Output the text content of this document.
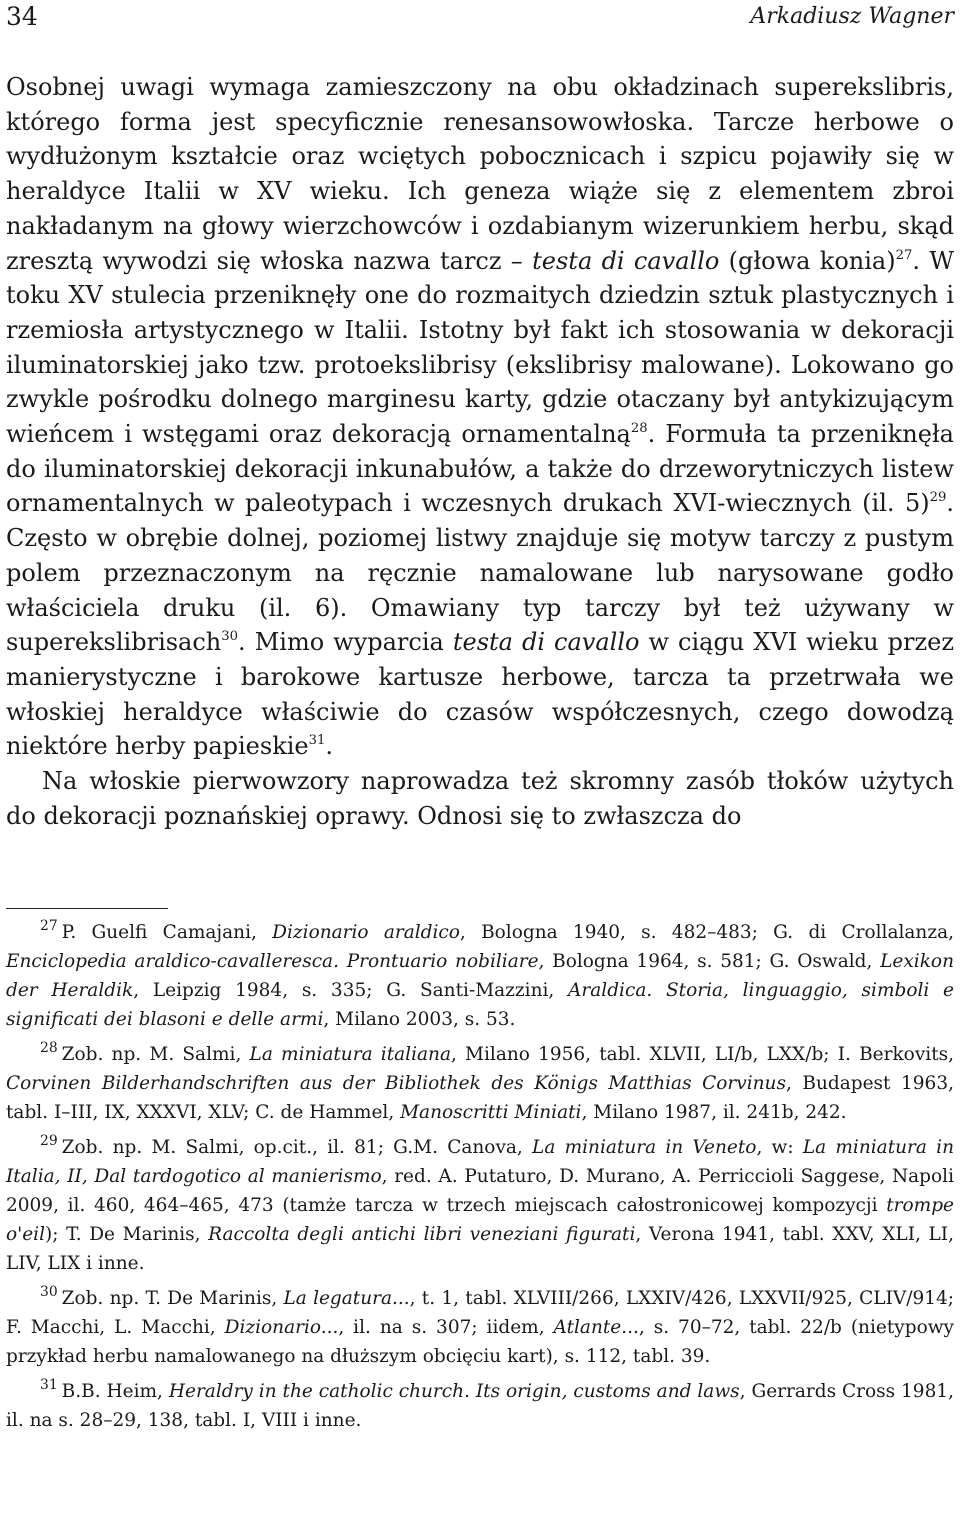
34	Arkadiusz Wagner

Osobnej uwagi wymaga zamieszczony na obu okładzinach superekslibris, którego forma jest specyficznie renesansowowłoska. Tarcze herbowe o wydłużonym kształcie oraz wciętych pobocznicach i szpicu pojawiły się w heraldyce Italii w XV wieku. Ich geneza wiąże się z elementem zbroi nakładanym na głowy wierzchowców i ozdabianym wizerunkiem herbu, skąd zresztą wywodzi się włoska nazwa tarcz – testa di cavallo (głowa konia)$^{27}$. W toku XV stulecia przeniknęły one do rozmaitych dziedzin sztuk plastycznych i rzemiosła artystycznego w Italii. Istotny był fakt ich stosowania w dekoracji iluminatorskiej jako tzw. protoekslibrisy (ekslibrisy malowane). Lokowano go zwykle pośrodku dolnego marginesu karty, gdzie otaczany był antykizującym wieńcem i wstęgami oraz dekoracją ornamentalną$^{28}$. Formuła ta przeniknęła do iluminatorskiej dekoracji inkunabułów, a także do drzeworytniczych listew ornamentalnych w paleotypach i wczesnych drukach XVI-wiecznych (il. 5)$^{29}$. Często w obrębie dolnej, poziomej listwy znajduje się motyw tarczy z pustym polem przeznaczonym na ręcznie namalowane lub narysowane godło właściciela druku (il. 6). Omawiany typ tarczy był też używany w superekslibrisach$^{30}$. Mimo wyparcia testa di cavallo w ciągu XVI wieku przez manierystyczne i barokowe kartusze herbowe, tarcza ta przetrwała we włoskiej heraldyce właściwie do czasów współczesnych, czego dowodzą niektóre herby papieskie$^{31}$.

Na włoskie pierwowzory naprowadza też skromny zasób tłoków użytych do dekoracji poznańskiej oprawy. Odnosi się to zwłaszcza do

$^{27}$ P. Guelfi Camajani, Dizionario araldico, Bologna 1940, s. 482–483; G. di Crollalanza, Enciclopedia araldico-cavalleresca. Prontuario nobiliare, Bologna 1964, s. 581; G. Oswald, Lexikon der Heraldik, Leipzig 1984, s. 335; G. Santi-Mazzini, Araldica. Storia, linguaggio, simboli e significati dei blasoni e delle armi, Milano 2003, s. 53.

$^{28}$ Zob. np. M. Salmi, La miniatura italiana, Milano 1956, tabl. XLVII, LI/b, LXX/b; I. Berkovits, Corvinen Bilderhandschriften aus der Bibliothek des Königs Matthias Corvinus, Budapest 1963, tabl. I–III, IX, XXXVI, XLV; C. de Hammel, Manoscritti Miniati, Milano 1987, il. 241b, 242.

$^{29}$ Zob. np. M. Salmi, op.cit., il. 81; G.M. Canova, La miniatura in Veneto, w: La miniatura in Italia, II, Dal tardogotico al manierismo, red. A. Putaturo, D. Murano, A. Perriccioli Saggese, Napoli 2009, il. 460, 464–465, 473 (tamże tarcza w trzech miejscach całostronicowej kompozycji trompe o'eil); T. De Marinis, Raccolta degli antichi libri veneziani figurati, Verona 1941, tabl. XXV, XLI, LI, LIV, LIX i inne.

$^{30}$ Zob. np. T. De Marinis, La legatura..., t. 1, tabl. XLVIII/266, LXXIV/426, LXXVII/925, CLIV/914; F. Macchi, L. Macchi, Dizionario..., il. na s. 307; iidem, Atlante..., s. 70–72, tabl. 22/b (nietypowy przykład herbu namalowanego na dłuższym obcięciu kart), s. 112, tabl. 39.

$^{31}$ B.B. Heim, Heraldry in the catholic church. Its origin, customs and laws, Gerrards Cross 1981, il. na s. 28–29, 138, tabl. I, VIII i inne.
